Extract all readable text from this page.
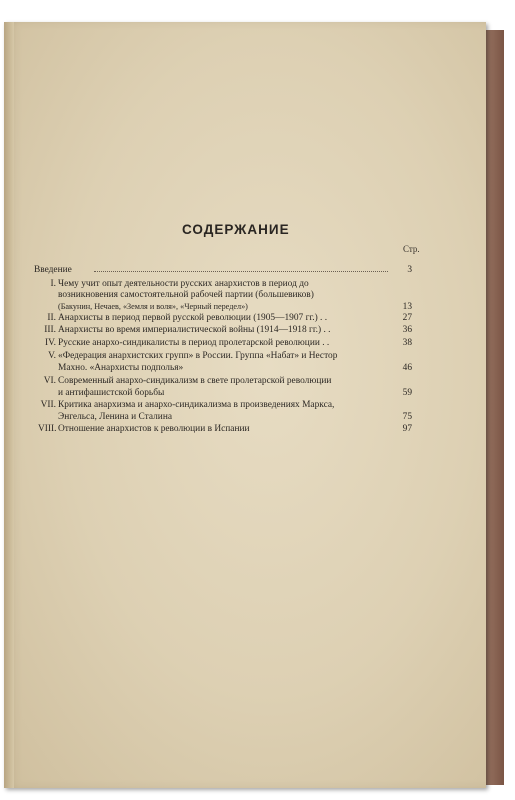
СОДЕРЖАНИЕ
Стр.
Введение	3
I. Чему учит опыт деятельности русских анархистов в период до
возникновения самостоятельной рабочей партии (большевиков)
(Бакунин, Нечаев, «Земля и воля», «Черный передел»)	13
II. Анархисты в период первой русской революции (1905—1907 гг.) . .	27
III. Анархисты во время империалистической войны (1914—1918 гг.) . .	36
IV. Русские анархо-синдикалисты в период пролетарской революции . .	38
V. «Федерация анархистских групп» в России. Группа «Набат» и Нестор
Махно. «Анархисты подполья»	46
VI. Современный анархо-синдикализм в свете пролетарской революции
и антифашистской борьбы	59
VII. Критика анархизма и анархо-синдикализма в произведениях Маркса,
Энгельса, Ленина и Сталина	75
VIII. Отношение анархистов к революции в Испании	97
